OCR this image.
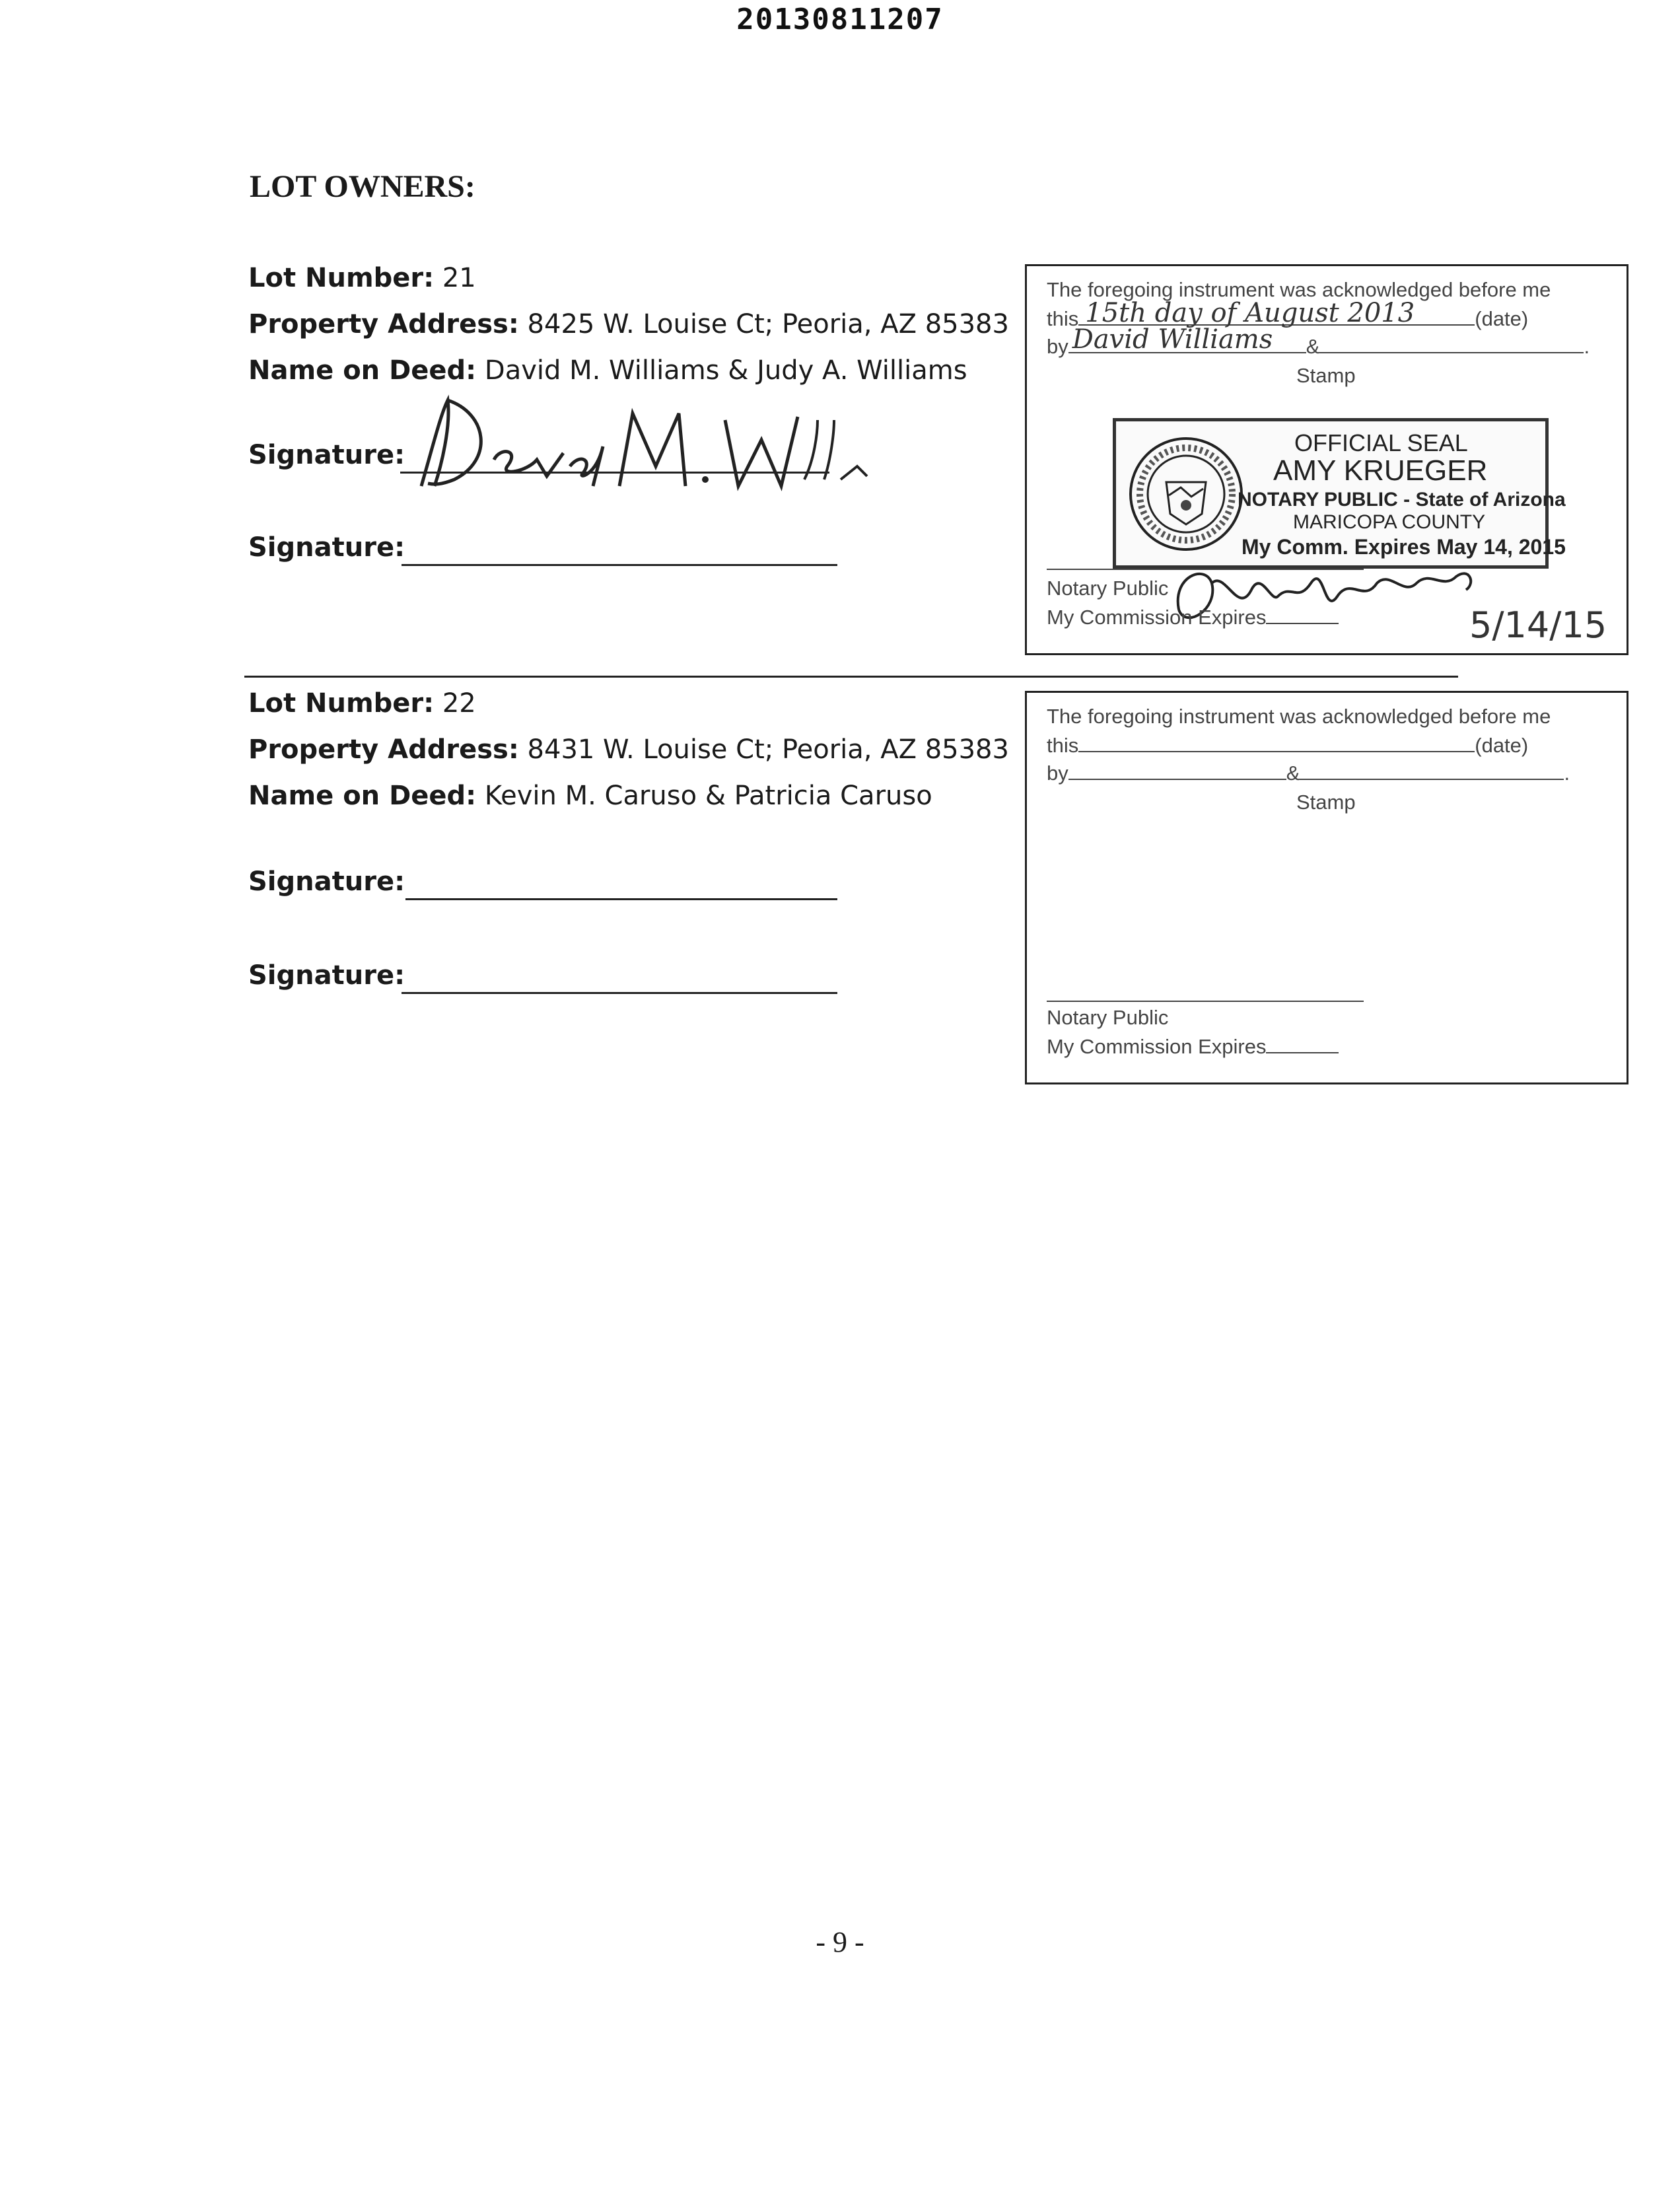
20130811207
LOT OWNERS:
Lot Number: 21
Property Address: 8425 W. Louise Ct; Peoria, AZ 85383
Name on Deed: David M. Williams & Judy A. Williams
Signature:
Signature:
The foregoing instrument was acknowledged before me
this 15th day of August 2013	(date)
by David Williams &	.
Stamp
OFFICIAL SEAL
AMY KRUEGER
NOTARY PUBLIC - State of Arizona
MARICOPA COUNTY
My Comm. Expires May 14, 2015
Notary Public
My Commission Expires	5/14/15
Lot Number: 22
Property Address: 8431 W. Louise Ct; Peoria, AZ 85383
Name on Deed: Kevin M. Caruso & Patricia Caruso
Signature:
Signature:
The foregoing instrument was acknowledged before me
this	(date)
by	&	.
Stamp
Notary Public
My Commission Expires
- 9 -
